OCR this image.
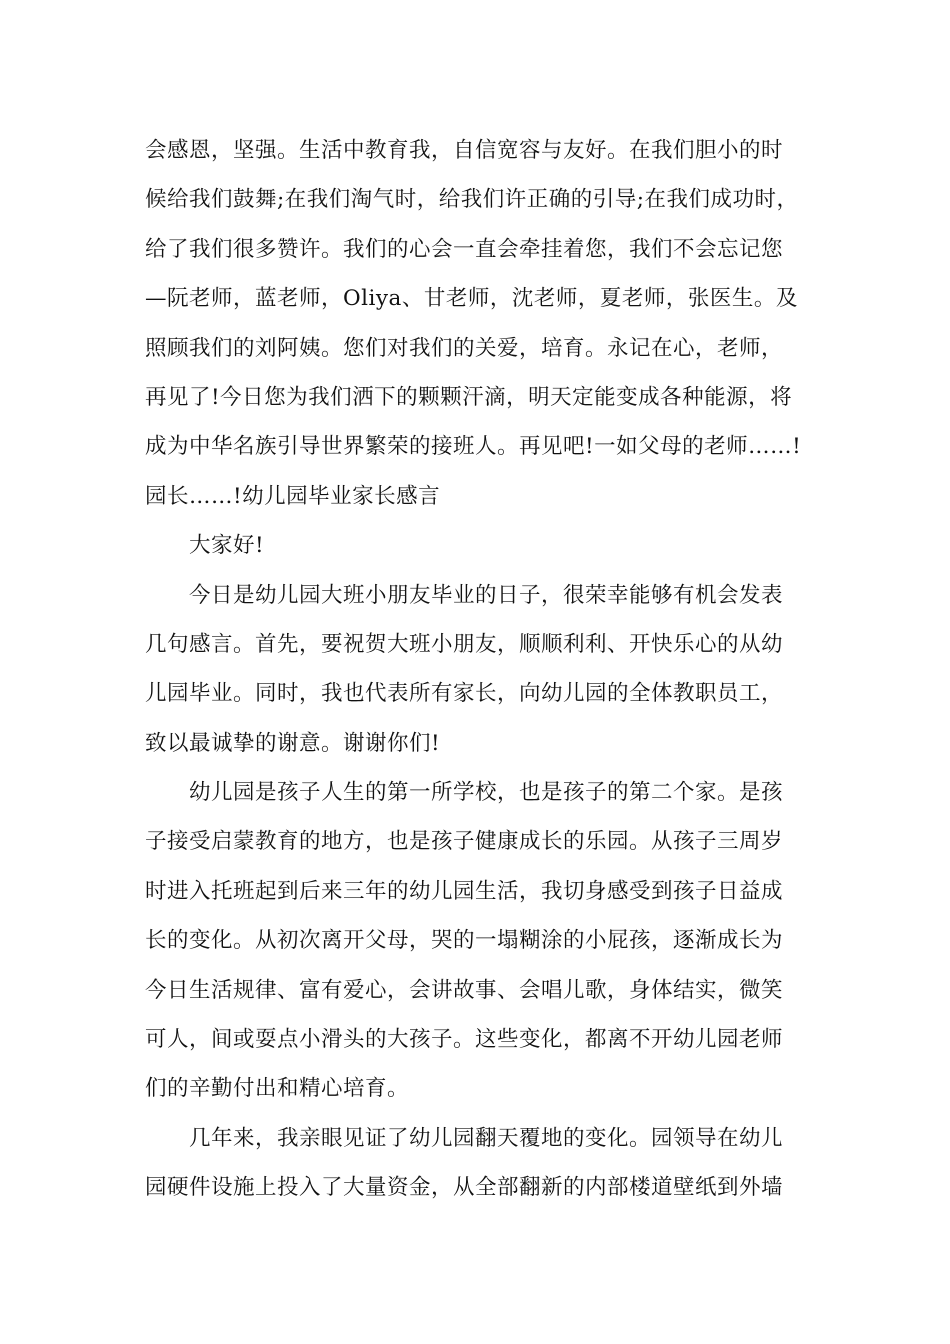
会感恩，坚强。生活中教育我，自信宽容与友好。在我们胆小的时
候给我们鼓舞;在我们淘气时，给我们许正确的引导;在我们成功时，
给了我们很多赞许。我们的心会一直会牵挂着您，我们不会忘记您
—阮老师，蓝老师，Oliya、甘老师，沈老师，夏老师，张医生。及
照顾我们的刘阿姨。您们对我们的关爱，培育。永记在心，老师，
再见了!今日您为我们洒下的颗颗汗滴，明天定能变成各种能源，将
成为中华名族引导世界繁荣的接班人。再见吧!一如父母的老师……!
园长……!幼儿园毕业家长感言
大家好!
今日是幼儿园大班小朋友毕业的日子，很荣幸能够有机会发表
几句感言。首先，要祝贺大班小朋友，顺顺利利、开快乐心的从幼
儿园毕业。同时，我也代表所有家长，向幼儿园的全体教职员工，
致以最诚挚的谢意。谢谢你们!
幼儿园是孩子人生的第一所学校，也是孩子的第二个家。是孩
子接受启蒙教育的地方，也是孩子健康成长的乐园。从孩子三周岁
时进入托班起到后来三年的幼儿园生活，我切身感受到孩子日益成
长的变化。从初次离开父母，哭的一塌糊涂的小屁孩，逐渐成长为
今日生活规律、富有爱心，会讲故事、会唱儿歌，身体结实，微笑
可人，间或耍点小滑头的大孩子。这些变化，都离不开幼儿园老师
们的辛勤付出和精心培育。
几年来，我亲眼见证了幼儿园翻天覆地的变化。园领导在幼儿
园硬件设施上投入了大量资金，从全部翻新的内部楼道壁纸到外墙
